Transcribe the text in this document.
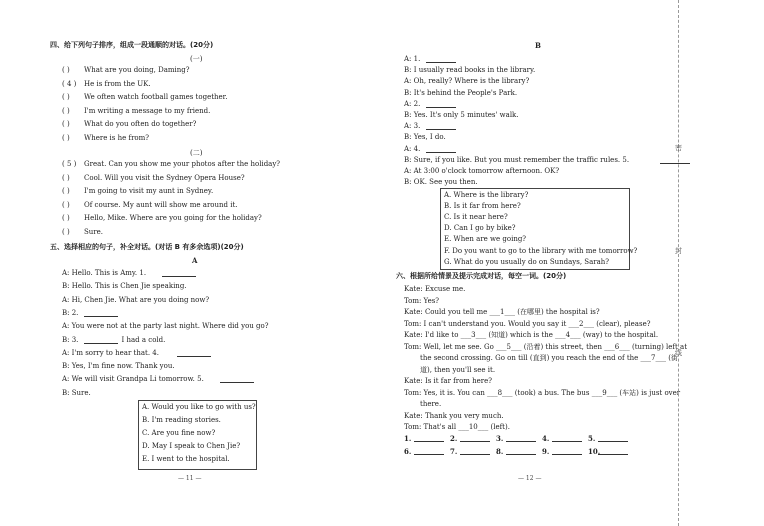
四、给下列句子排序，组成一段通顺的对话。(20分)
(一)
(二)
五、选择相应的句子，补全对话。(对话 B 有多余选项)(20分)
A
A. Would you like to go with us?
B. I'm reading stories.
C. Are you fine now?
D. May I speak to Chen Jie?
E. I went to the hospital.
— 11 —
( ) What are you doing, Daming?
( 4 ) He is from the UK.
( ) We often watch football games together.
( ) I'm writing a message to my friend.
( ) What do you often do together?
( ) Where is he from?
( 5 ) Great. Can you show me your photos after the holiday?
( ) Cool. Will you visit the Sydney Opera House?
( ) I'm going to visit my aunt in Sydney.
( ) Of course. My aunt will show me around it.
( ) Hello, Mike. Where are you going for the holiday?
( ) Sure.
A: Hello. This is Amy. 1.
B: Hello. This is Chen Jie speaking.
A: Hi, Chen Jie. What are you doing now?
B: 2.
A: You were not at the party last night. Where did you go?
B: 3.	I had a cold.
A: I'm sorry to hear that. 4.
B: Yes, I'm fine now. Thank you.
A: We will visit Grandpa Li tomorrow. 5.
B: Sure.
B
A. Where is the library?
B. Is it far from here?
C. Is it near here?
D. Can I go by bike?
E. When are we going?
F. Do you want to go to the library with me tomorrow?
G. What do you usually do on Sundays, Sarah?
六、根据所给情景及提示完成对话，每空一词。(20分)
— 12 —
A: 1.
B: I usually read books in the library.
A: Oh, really? Where is the library?
B: It's behind the People's Park.
A: 2.
B: Yes. It's only 5 minutes' walk.
A: 3.
B: Yes, I do.
A: 4.
B: Sure, if you like. But you must remember the traffic rules. 5.
A: At 3:00 o'clock tomorrow afternoon. OK?
B: OK. See you then.
Kate: Excuse me.
Tom: Yes?
Kate: Could you tell me ___1___ (在哪里) the hospital is?
Tom: I can't understand you. Would you say it ___2___ (clear), please?
Kate: I'd like to ___3___ (知道) which is the ___4___ (way) to the hospital.
Tom: Well, let me see. Go ___5___ (沿着) this street, then ___6___ (turning) left at
the second crossing. Go on till (直到) you reach the end of the ___7___ (街
道), then you'll see it.
Kate: Is it far from here?
Tom: Yes, it is. You can ___8___ (took) a bus. The bus ___9___ (车站) is just over
there.
Kate: Thank you very much.
Tom: That's all ___10___ (left).
1.	2.	3.	4.	5.
6.	7.	8.	9.	10.
密
封
线
